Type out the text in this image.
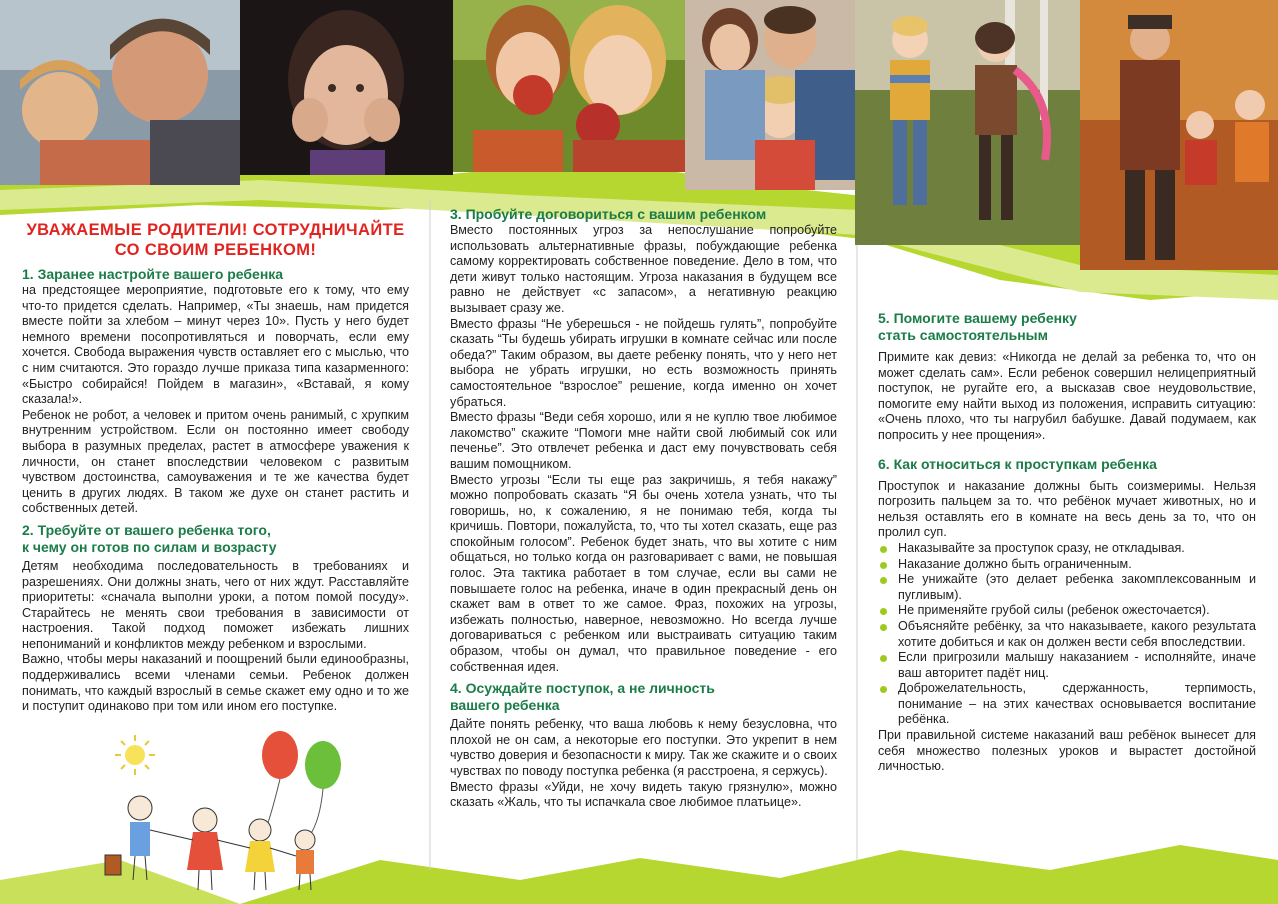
УВАЖАЕМЫЕ РОДИТЕЛИ! СОТРУДНИЧАЙТЕ
СО СВОИМ РЕБЕНКОМ!
1. Заранее настройте вашего ребенка

на предстоящее мероприятие, подготовьте его к тому, что ему что-то придется сделать. Например, «Ты знаешь, нам придется вместе пойти за хлебом – минут через 10». Пусть у него будет немного времени посопротивляться и поворчать, если ему хочется. Свобода выражения чувств оставляет его с мыслью, что с ним считаются. Это гораздо лучше приказа типа казарменного: «Быстро собирайся! Пойдем в магазин», «Вставай, я кому сказала!».

Ребенок не робот, а человек и притом очень ранимый, с хрупким внутренним устройством. Если он постоянно имеет свободу выбора в разумных пределах, растет в атмосфере уважения к личности, он станет впоследствии человеком с развитым чувством достоинства, самоуважения и те же качества будет ценить в других людях. В таком же духе он станет растить и собственных детей.

2. Требуйте от вашего ребенка того,
к чему он готов по силам и возрасту

Детям необходима последовательность в требованиях и разрешениях. Они должны знать, чего от них ждут. Расставляйте приоритеты: «сначала выполни уроки, а потом помой посуду». Старайтесь не менять свои требования в зависимости от настроения. Такой подход поможет избежать лишних непониманий и конфликтов между ребенком и взрослыми.

Важно, чтобы меры наказаний и поощрений были единообразны, поддерживались всеми членами семьи. Ребенок должен понимать, что каждый взрослый в семье скажет ему одно и то же и поступит одинаково при том или ином его поступке.

3. Пробуйте договориться с вашим ребенком

Вместо постоянных угроз за непослушание попробуйте использовать альтернативные фразы, побуждающие ребенка самому корректировать собственное поведение. Дело в том, что дети живут только настоящим. Угроза наказания в будущем все равно не действует «с запасом», а негативную реакцию вызывает сразу же.

Вместо фразы “Не уберешься - не пойдешь гулять”, попробуйте сказать “Ты будешь убирать игрушки в комнате сейчас или после обеда?” Таким образом, вы даете ребенку понять, что у него нет выбора не убрать игрушки, но есть возможность принять самостоятельное “взрослое” решение, когда именно он хочет убраться.

Вместо фразы “Веди себя хорошо, или я не куплю твое любимое лакомство” скажите “Помоги мне найти свой любимый сок или печенье”. Это отвлечет ребенка и даст ему почувствовать себя вашим помощником.

Вместо угрозы “Если ты еще раз закричишь, я тебя накажу” можно попробовать сказать “Я бы очень хотела узнать, что ты говоришь, но, к сожалению, я не понимаю тебя, когда ты кричишь. Повтори, пожалуйста, то, что ты хотел сказать, еще раз спокойным голосом”. Ребенок будет знать, что вы хотите с ним общаться, но только когда он разговаривает с вами, не повышая голос. Эта тактика работает в том случае, если вы сами не повышаете голос на ребенка, иначе в один прекрасный день он скажет вам в ответ то же самое. Фраз, похожих на угрозы, избежать полностью, наверное, невозможно. Но всегда лучше договариваться с ребенком или выстраивать ситуацию таким образом, чтобы он думал, что правильное поведение - его собственная идея.

4. Осуждайте поступок, а не личность
вашего ребенка

Дайте понять ребенку, что ваша любовь к нему безусловна, что плохой не он сам, а некоторые его поступки. Это укрепит в нем чувство доверия и безопасности к миру. Так же скажите и о своих чувствах по поводу поступка ребенка (я расстроена, я сержусь).

Вместо фразы «Уйди, не хочу видеть такую грязнулю», можно сказать «Жаль, что ты испачкала свое любимое платьице».

5. Помогите вашему ребенку
стать самостоятельным

Примите как девиз: «Никогда не делай за ребенка то, что он может сделать сам». Если ребенок совершил нелицеприятный поступок, не ругайте его, а высказав свое неудовольствие, помогите ему найти выход из положения, исправить ситуацию: «Очень плохо, что ты нагрубил бабушке. Давай подумаем, как попросить у нее прощения».

6. Как относиться к проступкам ребенка

Проступок и наказание должны быть соизмеримы. Нельзя погрозить пальцем за то. что ребёнок мучает животных, но и нельзя оставлять его в комнате на весь день за то, что он пролил суп.

Наказывайте за проступок сразу, не откладывая.
Наказание должно быть ограниченным.
Не унижайте (это делает ребенка закомплексованным и пугливым).
Не применяйте грубой силы (ребенок ожесточается).
Объясняйте ребёнку, за что наказываете, какого результата хотите добиться и как он должен вести себя впоследствии.
Если пригрозили малышу наказанием - исполняйте, иначе ваш авторитет падёт ниц.
Доброжелательность, сдержанность, терпимость, понимание – на этих качествах основывается воспитание ребёнка.

При правильной системе наказаний ваш ребёнок вынесет для себя множество полезных уроков и вырастет достойной личностью.
